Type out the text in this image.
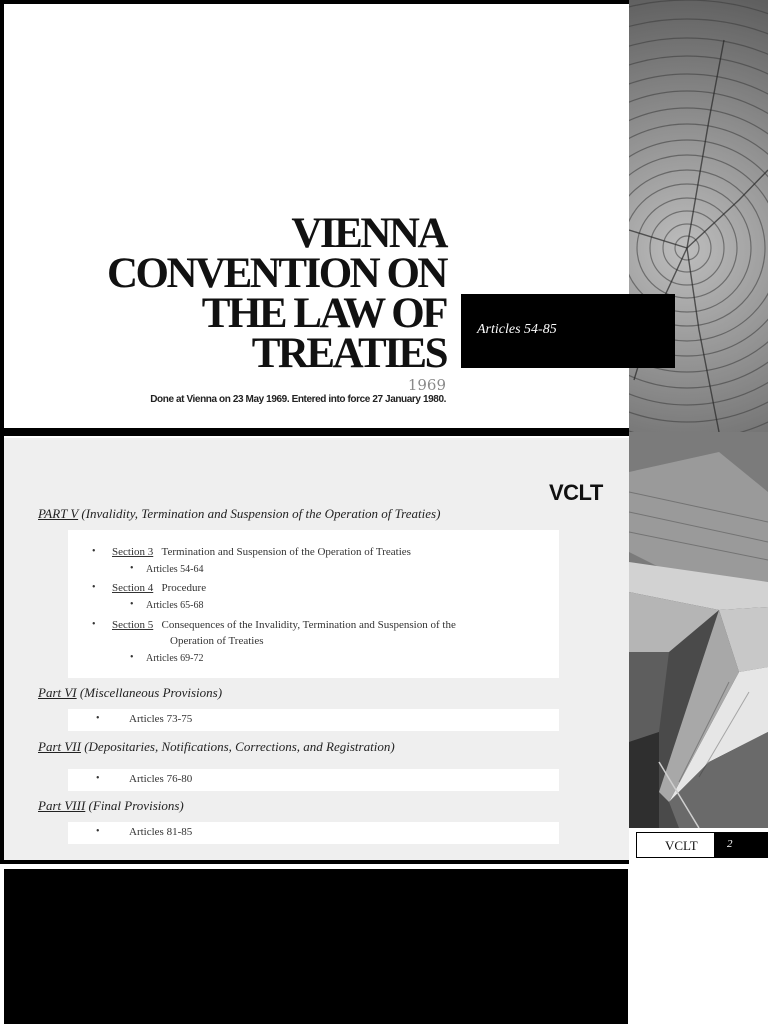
VIENNA
CONVENTION ON
THE LAW OF
TREATIES
1969
Done at Vienna on 23 May 1969. Entered into force 27 January 1980.
Articles 54-85
VCLT
PART V (Invalidity, Termination and Suspension of the Operation of Treaties)
• Section 3 Termination and Suspension of the Operation of Treaties
• Articles 54-64
• Section 4 Procedure
• Articles 65-68
• Section 5 Consequences of the Invalidity, Termination and Suspension of the
Operation of Treaties
• Articles 69-72
Part VI (Miscellaneous Provisions)
•	Articles 73-75
Part VII (Depositaries, Notifications, Corrections, and Registration)
•	Articles 76-80
Part VIII (Final Provisions)
•	Articles 81-85
VCLT	2
